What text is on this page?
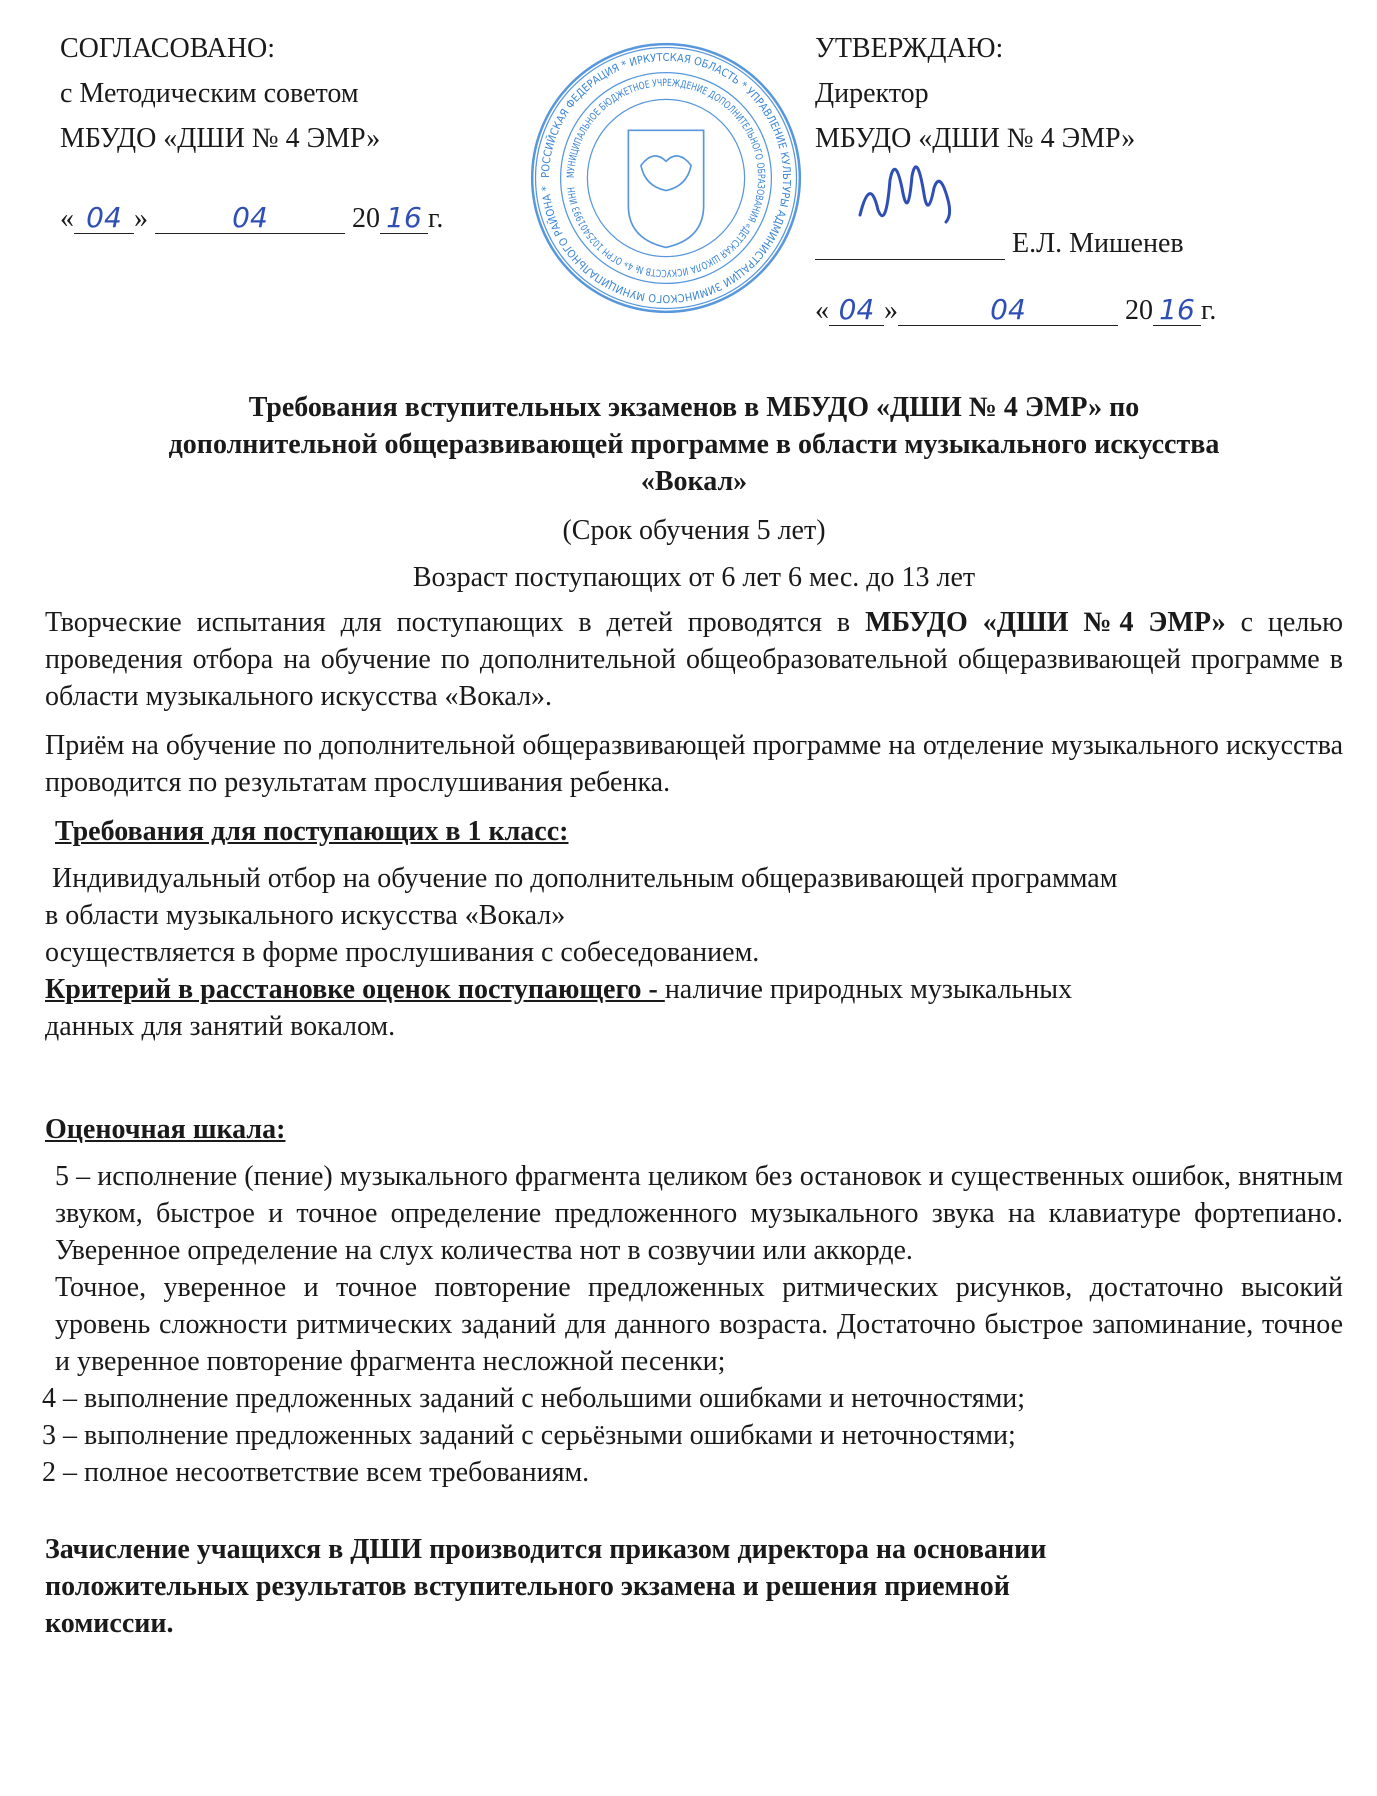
РОССИЙСКАЯ ФЕДЕРАЦИЯ * ИРКУТСКАЯ ОБЛАСТЬ * УПРАВЛЕНИЕ КУЛЬТУРЫ АДМИНИСТРАЦИИ ЗИМИНСКОГО МУНИЦИПАЛЬНОГО РАЙОНА *
МУНИЦИПАЛЬНОЕ БЮДЖЕТНОЕ УЧРЕЖДЕНИЕ ДОПОЛНИТЕЛЬНОГО ОБРАЗОВАНИЯ «ДЕТСКАЯ ШКОЛА ИСКУССТВ № 4» ОГРН 1025401993 ИНН
СОГЛАСОВАНО:
с Методическим советом
МБУДО «ДШИ № 4 ЭМР»
« 04 »	04	20 16 г.
УТВЕРЖДАЮ:
Директор
МБУДО «ДШИ № 4 ЭМР»
Е.Л. Мишенев
« 04 »	04	20 16 г.
Требования вступительных экзаменов в МБУДО «ДШИ № 4 ЭМР» по
дополнительной общеразвивающей программе в области музыкального искусства
«Вокал»
(Срок обучения 5 лет)
Возраст поступающих от 6 лет 6 мес. до 13 лет
Творческие испытания для поступающих в детей проводятся в МБУДО «ДШИ №4 ЭМР» с целью проведения отбора на обучение по дополнительной общеобразовательной общеразвивающей программе в области музыкального искусства «Вокал».
Приём на обучение по дополнительной общеразвивающей программе на отделение музыкального искусства проводится по результатам прослушивания ребенка.
Требования для поступающих в 1 класс:
Индивидуальный отбор на обучение по дополнительным общеразвивающей программам
в области музыкального искусства «Вокал»
осуществляется в форме прослушивания с собеседованием.
Критерий в расстановке оценок поступающего - наличие природных музыкальных
данных для занятий вокалом.
Оценочная шкала:
5 – исполнение (пение) музыкального фрагмента целиком без остановок и существенных ошибок, внятным звуком, быстрое и точное определение предложенного музыкального звука на клавиатуре фортепиано. Уверенное определение на слух количества нот в созвучии или аккорде.
Точное, уверенное и точное повторение предложенных ритмических рисунков, достаточно высокий уровень сложности ритмических заданий для данного возраста. Достаточно быстрое запоминание, точное и уверенное повторение фрагмента несложной песенки;
4 – выполнение предложенных заданий с небольшими ошибками и неточностями;
3 – выполнение предложенных заданий с серьёзными ошибками и неточностями;
2 – полное несоответствие всем требованиям.
Зачисление учащихся в ДШИ производится приказом директора на основании
положительных результатов вступительного экзамена и решения приемной
комиссии.
